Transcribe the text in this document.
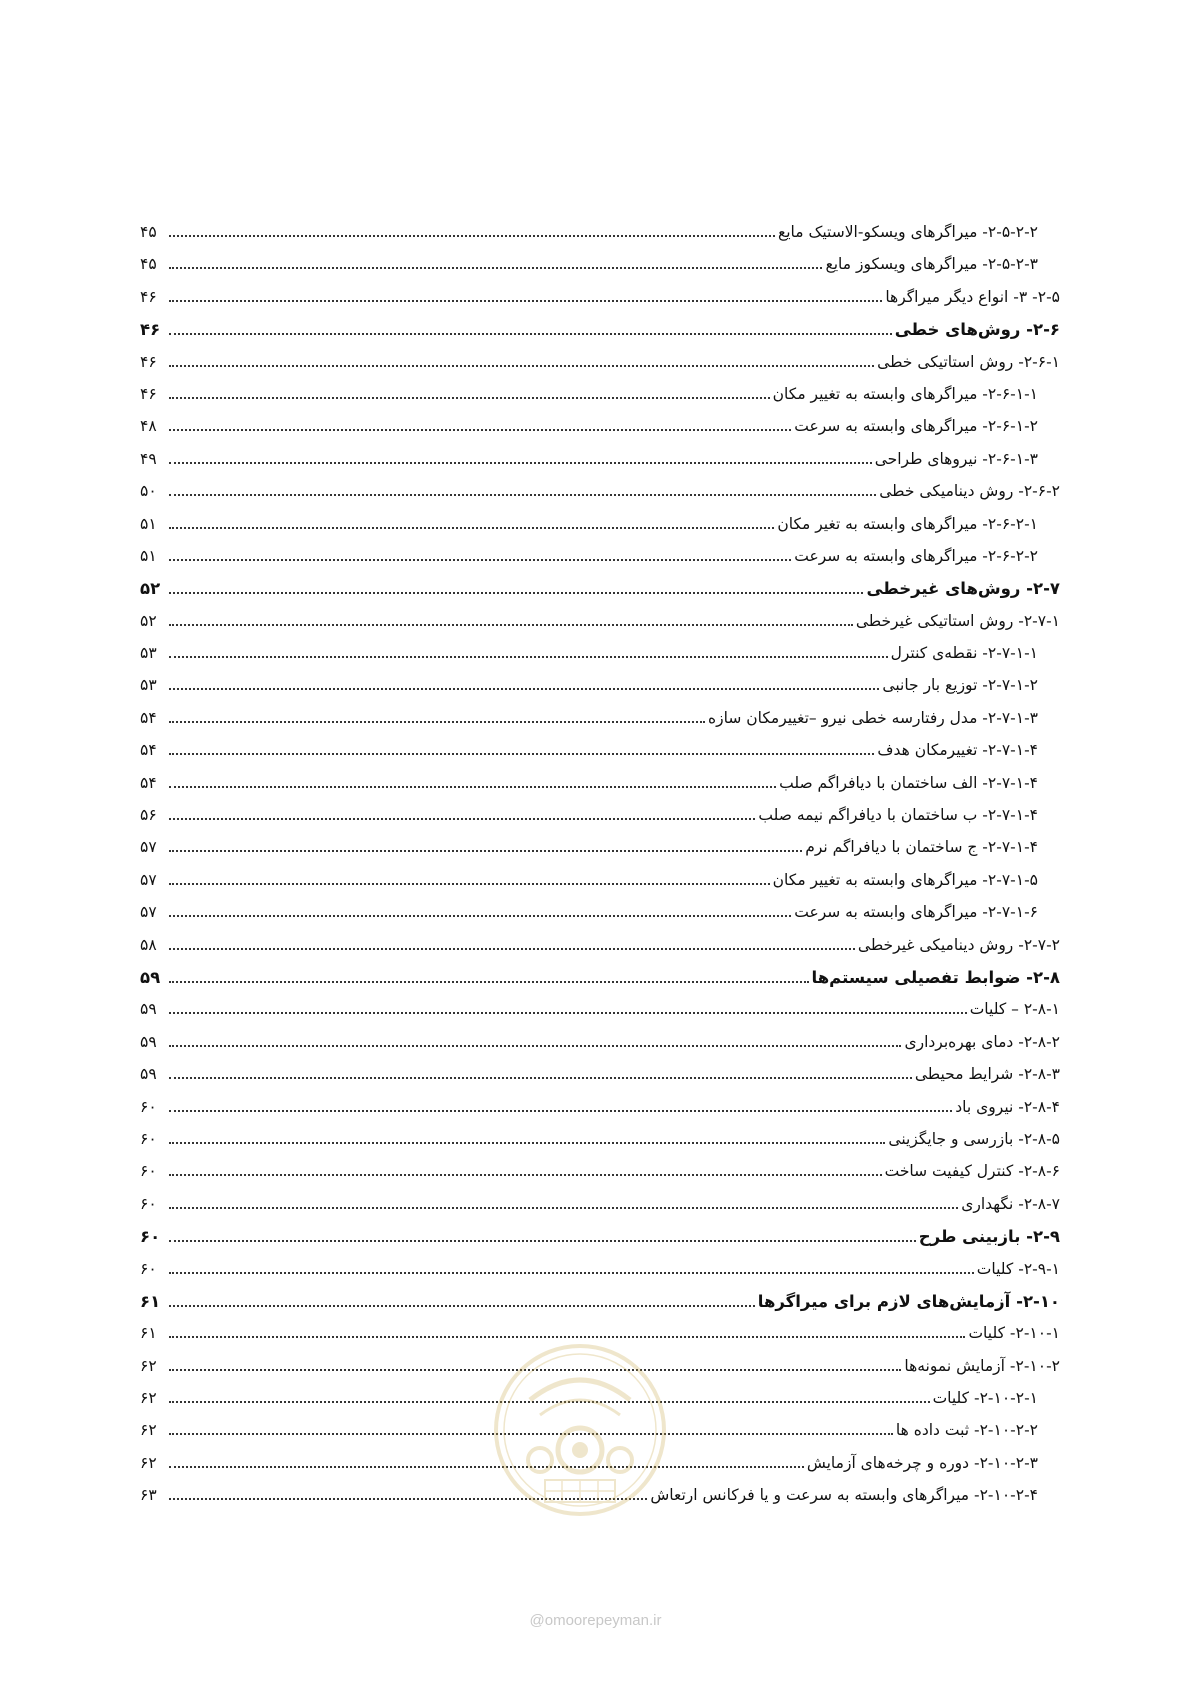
۲-۵-۲-۲- میراگرهای ویسکو-الاستیک مایع
۴۵
۲-۵-۲-۳- میراگرهای ویسکوز مایع
۴۵
۲-۵- ۳- انواع دیگر میراگرها
۴۶
۲-۶- روش‌های خطی
۴۶
۲-۶-۱- روش استاتیکی خطی
۴۶
۲-۶-۱-۱- میراگرهای وابسته به تغییر مکان
۴۶
۲-۶-۱-۲- میراگرهای وابسته به سرعت
۴۸
۲-۶-۱-۳- نیروهای طراحی
۴۹
۲-۶-۲- روش دینامیکی خطی
۵۰
۲-۶-۲-۱- میراگرهای وابسته به تغیر مکان
۵۱
۲-۶-۲-۲- میراگرهای وابسته به سرعت
۵۱
۲-۷- روش‌های غیرخطی
۵۲
۲-۷-۱- روش استاتیکی غیرخطی
۵۲
۲-۷-۱-۱- نقطه‌ی کنترل
۵۳
۲-۷-۱-۲- توزیع بار جانبی
۵۳
۲-۷-۱-۳- مدل رفتارسه خطی نیرو –تغییرمکان سازه
۵۴
۲-۷-۱-۴- تغییرمکان هدف
۵۴
۲-۷-۱-۴- الف ساختمان با دیافراگم صلب
۵۴
۲-۷-۱-۴- ب ساختمان با دیافراگم نیمه صلب
۵۶
۲-۷-۱-۴- ج ساختمان با دیافراگم نرم
۵۷
۲-۷-۱-۵- میراگرهای وابسته به تغییر مکان
۵۷
۲-۷-۱-۶- میراگرهای وابسته به سرعت
۵۷
۲-۷-۲- روش دینامیکی غیرخطی
۵۸
۲-۸- ضوابط تفصیلی سیستم‌ها
۵۹
۲-۸-۱ – کلیات
۵۹
۲-۸-۲- دمای بهره‌برداری
۵۹
۲-۸-۳- شرایط محیطی
۵۹
۲-۸-۴- نیروی باد
۶۰
۲-۸-۵- بازرسی و جایگزینی
۶۰
۲-۸-۶- کنترل کیفیت ساخت
۶۰
۲-۸-۷- نگهداری
۶۰
۲-۹- بازبینی طرح
۶۰
۲-۹-۱- کلیات
۶۰
۲-۱۰- آزمایش‌های لازم برای میراگرها
۶۱
۲-۱۰-۱- کلیات
۶۱
۲-۱۰-۲- آزمایش نمونه‌ها
۶۲
۲-۱۰-۲-۱- کلیات
۶۲
۲-۱۰-۲-۲- ثبت داده ها
۶۲
۲-۱۰-۲-۳- دوره و چرخه‌های آزمایش
۶۲
۲-۱۰-۲-۴- میراگرهای وابسته به سرعت و یا فرکانس ارتعاش
۶۳
@omoorepeyman.ir
